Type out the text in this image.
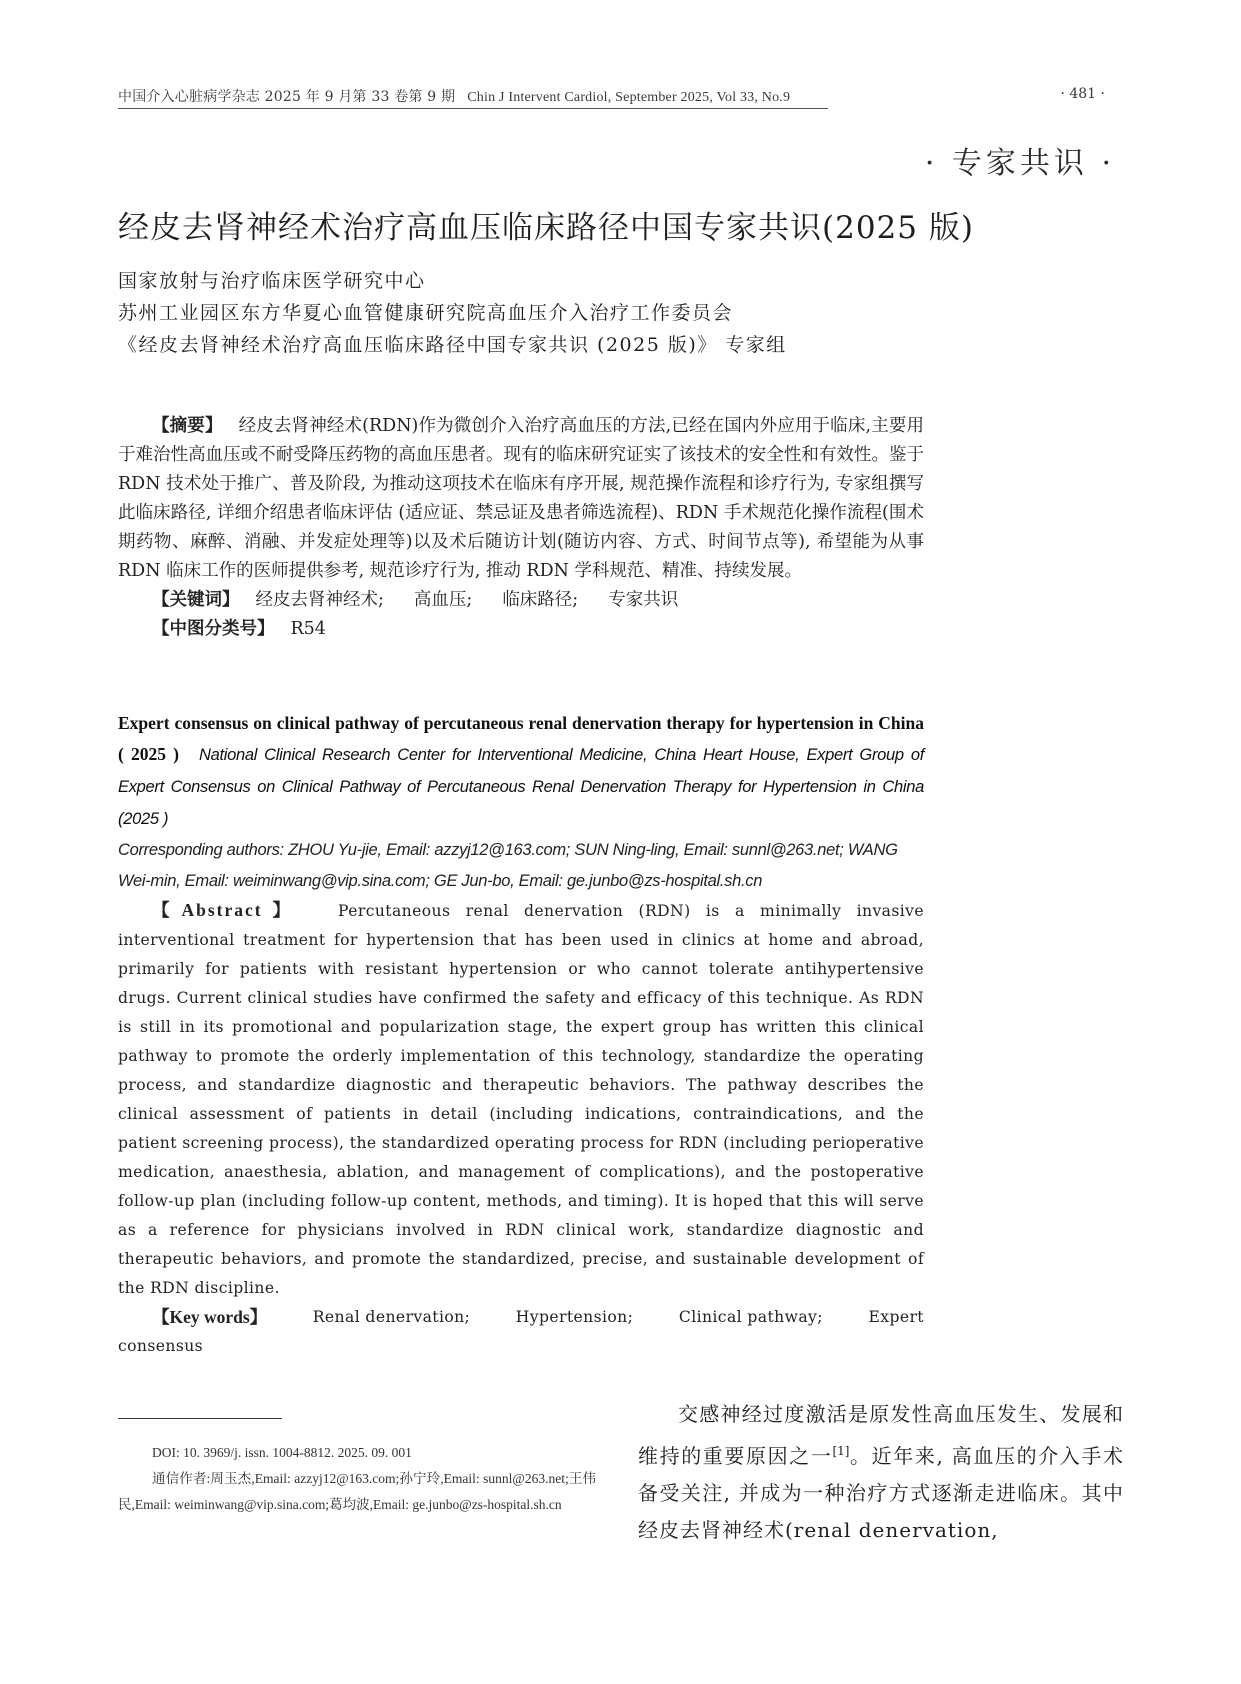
中国介入心脏病学杂志 2025 年 9 月第 33 卷第 9 期 Chin J Intervent Cardiol, September 2025, Vol 33, No.9	· 481 ·
· 专家共识 ·
经皮去肾神经术治疗高血压临床路径中国专家共识(2025 版)
国家放射与治疗临床医学研究中心
苏州工业园区东方华夏心血管健康研究院高血压介入治疗工作委员会
《经皮去肾神经术治疗高血压临床路径中国专家共识 (2025 版)》 专家组
【摘要】 经皮去肾神经术(RDN)作为微创介入治疗高血压的方法,已经在国内外应用于临床,主要用于难治性高血压或不耐受降压药物的高血压患者。现有的临床研究证实了该技术的安全性和有效性。鉴于 RDN 技术处于推广、普及阶段, 为推动这项技术在临床有序开展, 规范操作流程和诊疗行为, 专家组撰写此临床路径, 详细介绍患者临床评估 (适应证、禁忌证及患者筛选流程)、RDN 手术规范化操作流程(围术期药物、麻醉、消融、并发症处理等)以及术后随访计划(随访内容、方式、时间节点等), 希望能为从事 RDN 临床工作的医师提供参考, 规范诊疗行为, 推动 RDN 学科规范、精准、持续发展。
【关键词】 经皮去肾神经术; 高血压; 临床路径; 专家共识
【中图分类号】 R54
Expert consensus on clinical pathway of percutaneous renal denervation therapy for hypertension in China ( 2025 ) National Clinical Research Center for Interventional Medicine, China Heart House, Expert Group of Expert Consensus on Clinical Pathway of Percutaneous Renal Denervation Therapy for Hypertension in China (2025 )
Corresponding authors: ZHOU Yu-jie, Email: azzyj12@163.com; SUN Ning-ling, Email: sunnl@263.net; WANG Wei-min, Email: weiminwang@vip.sina.com; GE Jun-bo, Email: ge.junbo@zs-hospital.sh.cn

【Abstract】 Percutaneous renal denervation (RDN) is a minimally invasive interventional treatment for hypertension that has been used in clinics at home and abroad, primarily for patients with resistant hypertension or who cannot tolerate antihypertensive drugs. Current clinical studies have confirmed the safety and efficacy of this technique. As RDN is still in its promotional and popularization stage, the expert group has written this clinical pathway to promote the orderly implementation of this technology, standardize the operating process, and standardize diagnostic and therapeutic behaviors. The pathway describes the clinical assessment of patients in detail (including indications, contraindications, and the patient screening process), the standardized operating process for RDN (including perioperative medication, anaesthesia, ablation, and management of complications), and the postoperative follow-up plan (including follow-up content, methods, and timing). It is hoped that this will serve as a reference for physicians involved in RDN clinical work, standardize diagnostic and therapeutic behaviors, and promote the standardized, precise, and sustainable development of the RDN discipline.

【Key words】	Renal denervation;	Hypertension;	Clinical pathway;	Expert
consensus

DOI: 10. 3969/j. issn. 1004-8812. 2025. 09. 001

通信作者:周玉杰,Email: azzyj12@163.com;孙宁玲,Email: sunnl@263.net;王伟民,Email: weiminwang@vip.sina.com;葛均波,Email: ge.junbo@zs-hospital.sh.cn

交感神经过度激活是原发性高血压发生、发展和维持的重要原因之一[1]。近年来, 高血压的介入手术备受关注, 并成为一种治疗方式逐渐走进临床。其中经皮去肾神经术(renal denervation,
